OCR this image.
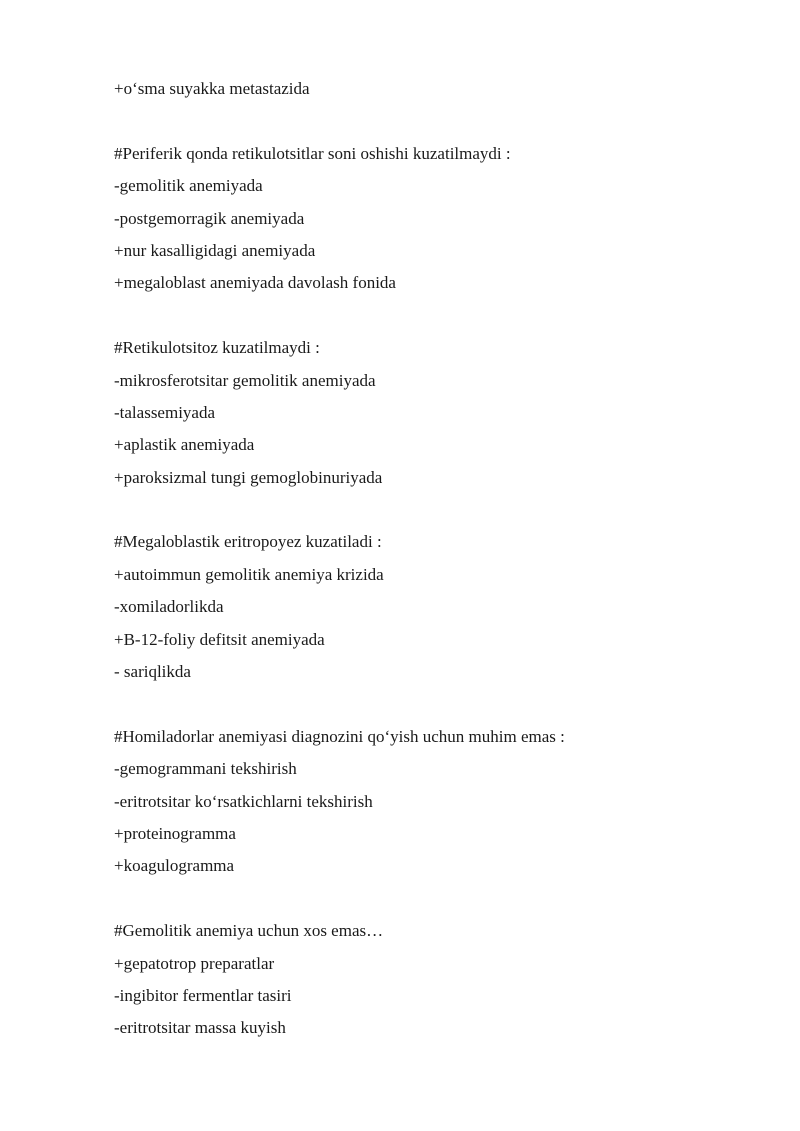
+o‘sma suyakka metastazida
#Periferik qonda retikulotsitlar soni oshishi kuzatilmaydi :
-gemolitik anemiyada
-postgemorragik anemiyada
+nur kasalligidagi anemiyada
+megaloblast anemiyada davolash fonida
#Retikulotsitoz kuzatilmaydi :
-mikrosferotsitar gemolitik anemiyada
-talassemiyada
+aplastik anemiyada
+paroksizmal tungi gemoglobinuriyada
#Megaloblastik eritropoyez kuzatiladi :
+autoimmun gemolitik anemiya krizida
-xomiladorlikda
+B-12-foliy defitsit anemiyada
- sariqlikda
#Homiladorlar anemiyasi diagnozini qo‘yish uchun muhim emas :
-gemogrammani tekshirish
-eritrotsitar ko‘rsatkichlarni tekshirish
+proteinogramma
+koagulogramma
#Gemolitik anemiya uchun xos emas…
+gepatotrop preparatlar
-ingibitor fermentlar tasiri
-eritrotsitar massa kuyish
